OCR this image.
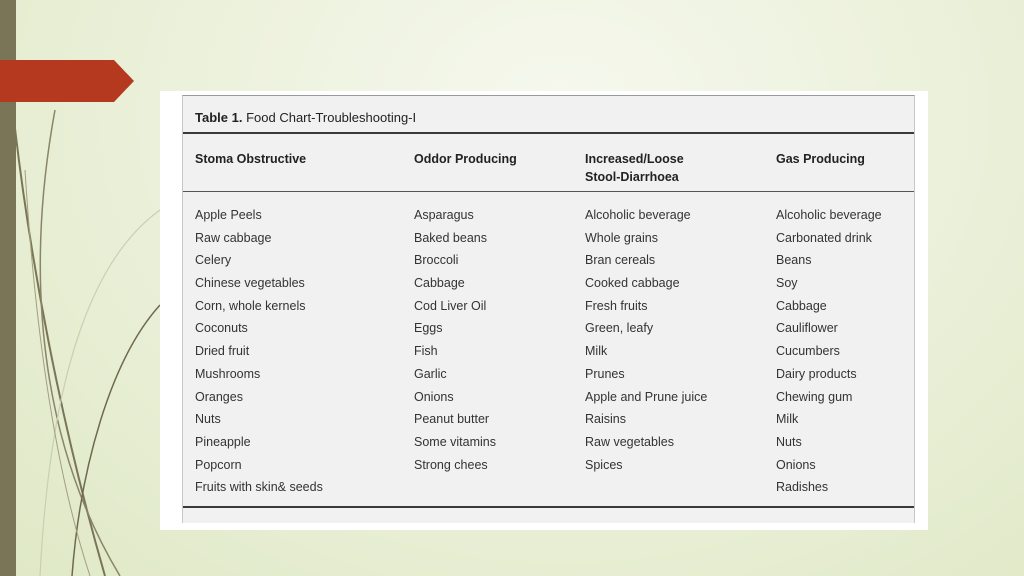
Table 1. Food Chart-Troubleshooting-I
Stoma Obstructive	Oddor Producing	Increased/Loose
Stool-Diarrhoea
Gas Producing
Apple Peels
Raw cabbage
Celery
Chinese vegetables
Corn, whole kernels
Coconuts
Dried fruit
Mushrooms
Oranges
Nuts
Pineapple
Popcorn
Fruits with skin& seeds
Asparagus
Baked beans
Broccoli
Cabbage
Cod Liver Oil
Eggs
Fish
Garlic
Onions
Peanut butter
Some vitamins
Strong chees
Alcoholic beverage
Whole grains
Bran cereals
Cooked cabbage
Fresh fruits
Green, leafy
Milk
Prunes
Apple and Prune juice
Raisins
Raw vegetables
Spices
Alcoholic beverage
Carbonated drink
Beans
Soy
Cabbage
Cauliflower
Cucumbers
Dairy products
Chewing gum
Milk
Nuts
Onions
Radishes
